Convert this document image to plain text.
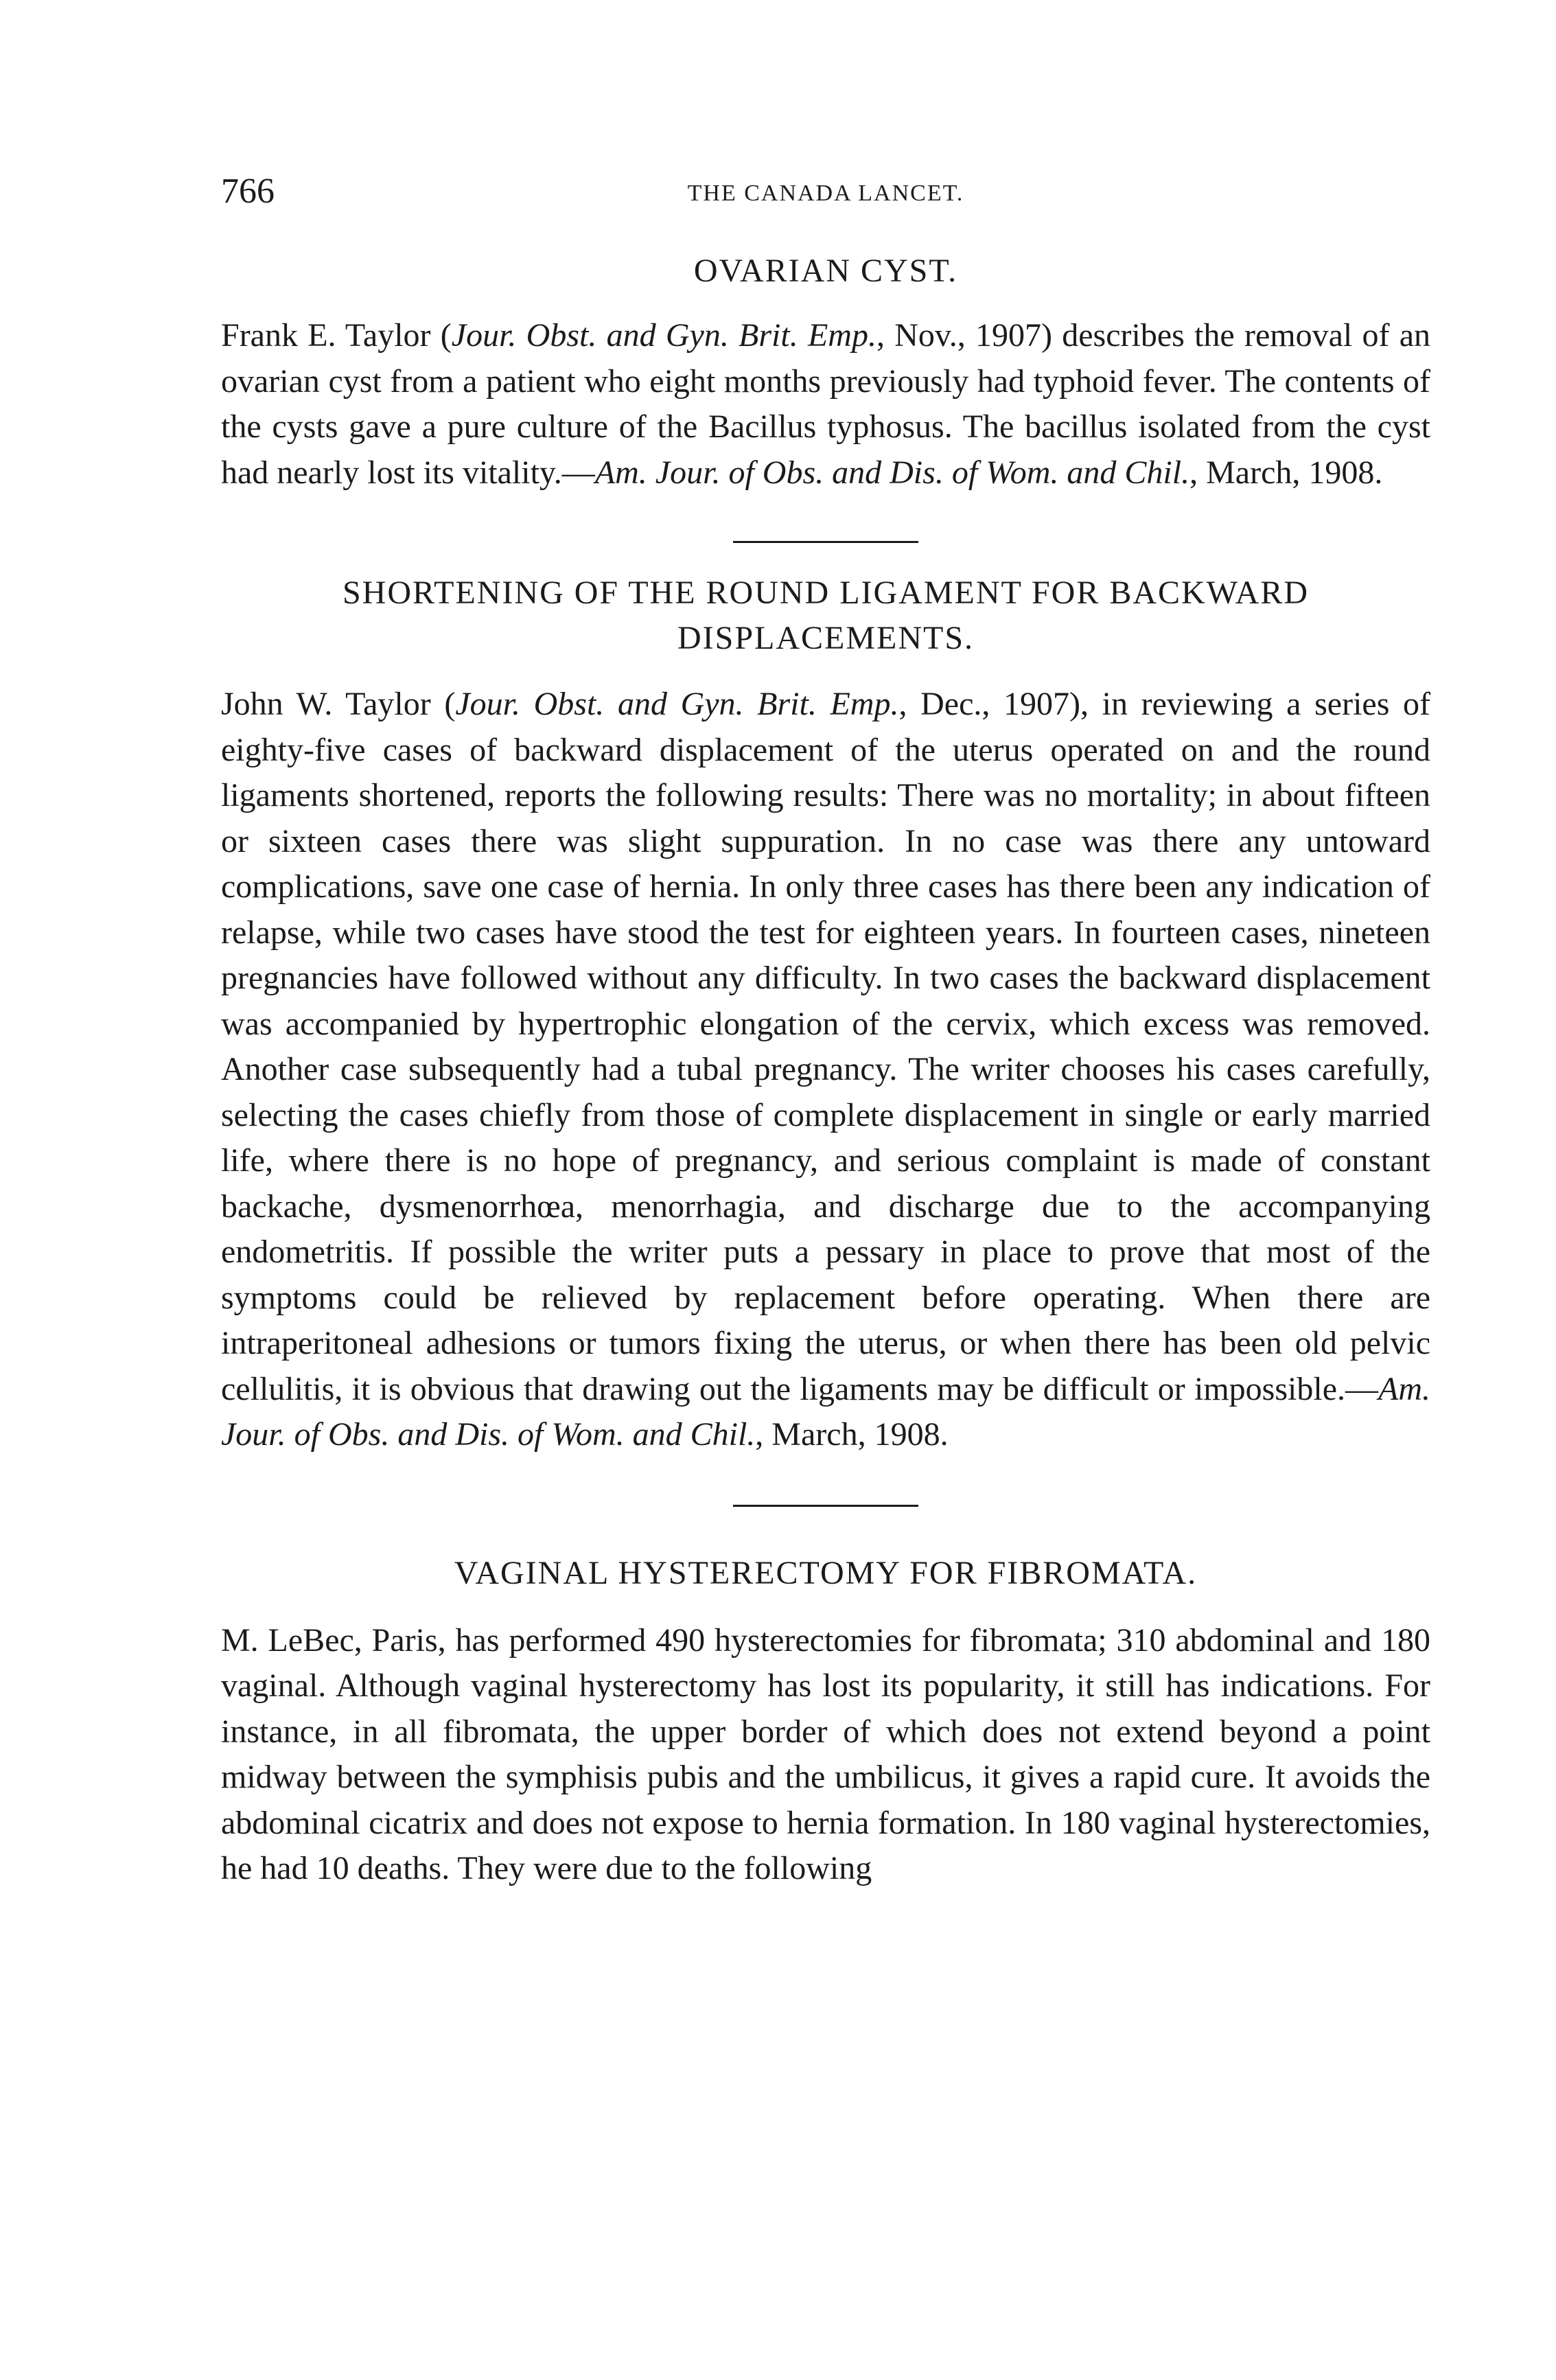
766	THE CANADA LANCET.
OVARIAN CYST.

Frank E. Taylor (Jour. Obst. and Gyn. Brit. Emp., Nov., 1907) describes the removal of an ovarian cyst from a patient who eight months previously had typhoid fever. The contents of the cysts gave a pure culture of the Bacillus typhosus. The bacillus isolated from the cyst had nearly lost its vitality.—Am. Jour. of Obs. and Dis. of Wom. and Chil., March, 1908.

SHORTENING OF THE ROUND LIGAMENT FOR BACKWARD DISPLACEMENTS.

John W. Taylor (Jour. Obst. and Gyn. Brit. Emp., Dec., 1907), in reviewing a series of eighty-five cases of backward displacement of the uterus operated on and the round ligaments shortened, reports the following results: There was no mortality; in about fifteen or sixteen cases there was slight suppuration. In no case was there any untoward complications, save one case of hernia. In only three cases has there been any indication of relapse, while two cases have stood the test for eighteen years. In fourteen cases, nineteen pregnancies have followed without any difficulty. In two cases the backward displacement was accompanied by hypertrophic elongation of the cervix, which excess was removed. Another case subsequently had a tubal pregnancy. The writer chooses his cases carefully, selecting the cases chiefly from those of complete displacement in single or early married life, where there is no hope of pregnancy, and serious complaint is made of constant backache, dysmenorrhœa, menorrhagia, and discharge due to the accompanying endometritis. If possible the writer puts a pessary in place to prove that most of the symptoms could be relieved by replacement before operating. When there are intraperitoneal adhesions or tumors fixing the uterus, or when there has been old pelvic cellulitis, it is obvious that drawing out the ligaments may be difficult or impossible.—Am. Jour. of Obs. and Dis. of Wom. and Chil., March, 1908.

VAGINAL HYSTERECTOMY FOR FIBROMATA.

M. LeBec, Paris, has performed 490 hysterectomies for fibromata; 310 abdominal and 180 vaginal. Although vaginal hysterectomy has lost its popularity, it still has indications. For instance, in all fibromata, the upper border of which does not extend beyond a point midway between the symphisis pubis and the umbilicus, it gives a rapid cure. It avoids the abdominal cicatrix and does not expose to hernia formation. In 180 vaginal hysterectomies, he had 10 deaths. They were due to the following
